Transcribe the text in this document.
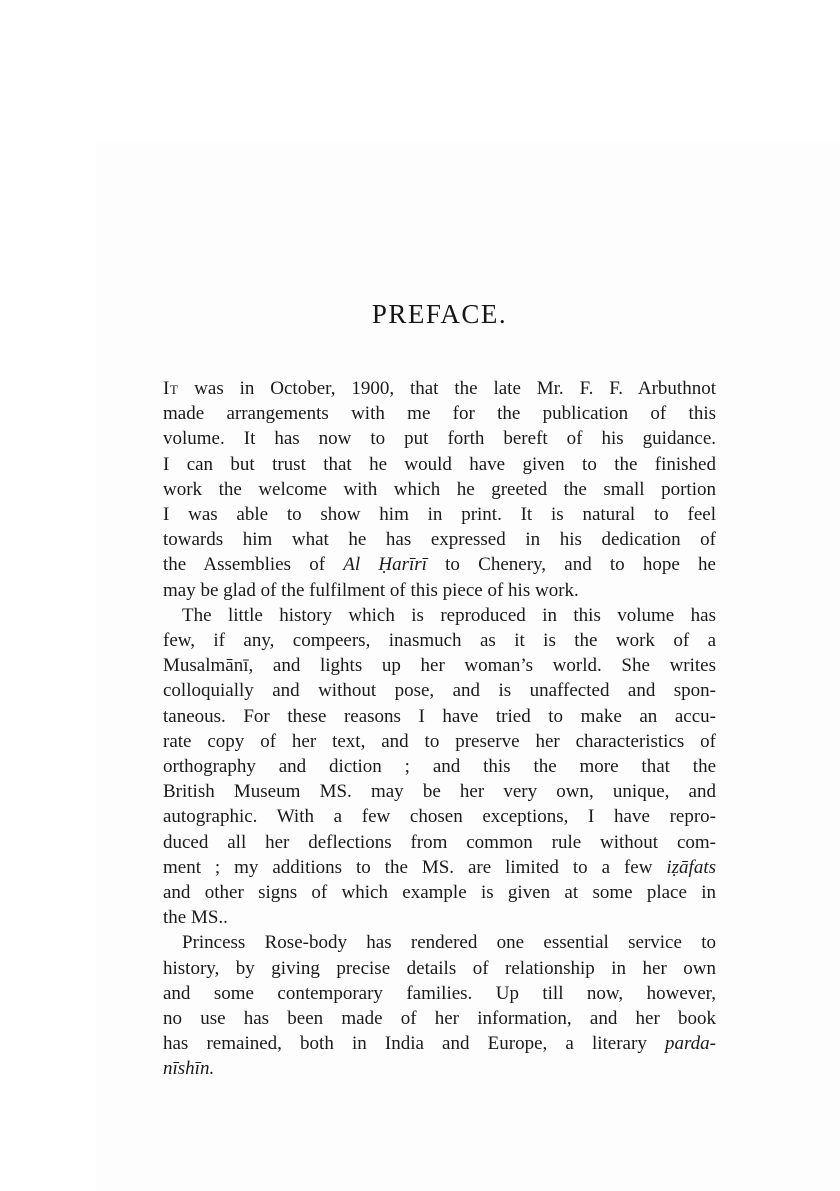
PREFACE.
It was in October, 1900, that the late Mr. F. F. Arbuthnot
made arrangements with me for the publication of this
volume. It has now to put forth bereft of his guidance.
I can but trust that he would have given to the finished
work the welcome with which he greeted the small portion
I was able to show him in print. It is natural to feel
towards him what he has expressed in his dedication of
the Assemblies of Al Ḥarīrī to Chenery, and to hope he
may be glad of the fulfilment of this piece of his work.
The little history which is reproduced in this volume has
few, if any, compeers, inasmuch as it is the work of a
Musalmānī, and lights up her woman’s world. She writes
colloquially and without pose, and is unaffected and spon-
taneous. For these reasons I have tried to make an accu-
rate copy of her text, and to preserve her characteristics of
orthography and diction ; and this the more that the
British Museum MS. may be her very own, unique, and
autographic. With a few chosen exceptions, I have repro-
duced all her deflections from common rule without com-
ment ; my additions to the MS. are limited to a few iẓāfats
and other signs of which example is given at some place in
the MS..
Princess Rose-body has rendered one essential service to
history, by giving precise details of relationship in her own
and some contemporary families. Up till now, however,
no use has been made of her information, and her book
has remained, both in India and Europe, a literary parda-
nīshīn.
